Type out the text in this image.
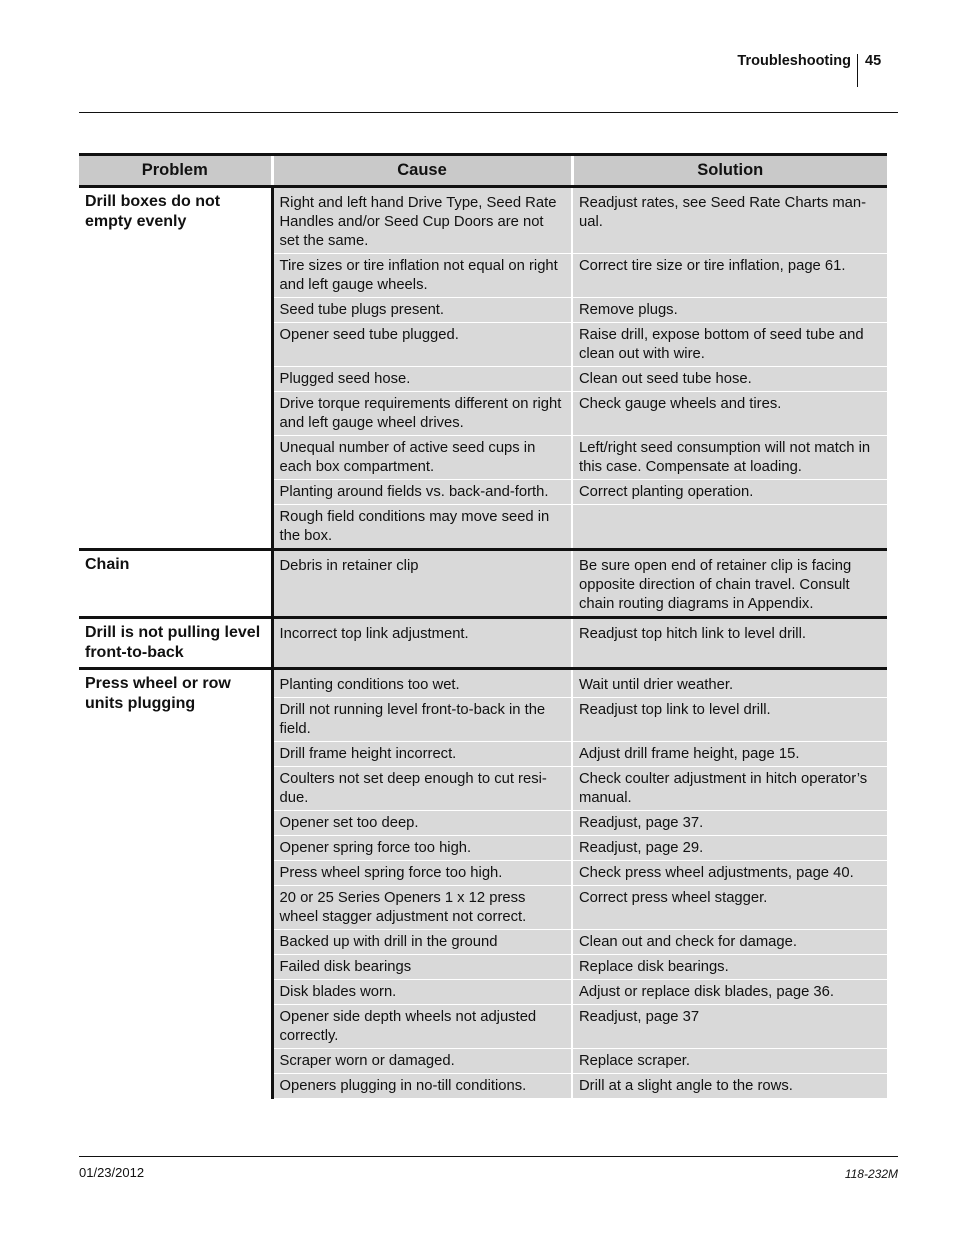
Troubleshooting 45
Problem	Cause	Solution
Drill boxes do not empty evenly	Right and left hand Drive Type, Seed Rate Handles and/or Seed Cup Doors are not set the same.	Readjust rates, see Seed Rate Charts manual.
	Tire sizes or tire inflation not equal on right and left gauge wheels.	Correct tire size or tire inflation, page 61.
	Seed tube plugs present.	Remove plugs.
	Opener seed tube plugged.	Raise drill, expose bottom of seed tube and clean out with wire.
	Plugged seed hose.	Clean out seed tube hose.
	Drive torque requirements different on right and left gauge wheel drives.	Check gauge wheels and tires.
	Unequal number of active seed cups in each box compartment.	Left/right seed consumption will not match in this case. Compensate at loading.
	Planting around fields vs. back-and-forth.	Correct planting operation.
	Rough field conditions may move seed in the box.	
Chain	Debris in retainer clip	Be sure open end of retainer clip is facing opposite direction of chain travel. Consult chain routing diagrams in Appendix.
Drill is not pulling level front-to-back	Incorrect top link adjustment.	Readjust top hitch link to level drill.
Press wheel or row units plugging	Planting conditions too wet.	Wait until drier weather.
	Drill not running level front-to-back in the field.	Readjust top link to level drill.
	Drill frame height incorrect.	Adjust drill frame height, page 15.
	Coulters not set deep enough to cut residue.	Check coulter adjustment in hitch operator’s manual.
	Opener set too deep.	Readjust, page 37.
	Opener spring force too high.	Readjust, page 29.
	Press wheel spring force too high.	Check press wheel adjustments, page 40.
	20 or 25 Series Openers 1 x 12 press wheel stagger adjustment not correct.	Correct press wheel stagger.
	Backed up with drill in the ground	Clean out and check for damage.
	Failed disk bearings	Replace disk bearings.
	Disk blades worn.	Adjust or replace disk blades, page 36.
	Opener side depth wheels not adjusted correctly.	Readjust, page 37
	Scraper worn or damaged.	Replace scraper.
	Openers plugging in no-till conditions.	Drill at a slight angle to the rows.
01/23/2012	118-232M
